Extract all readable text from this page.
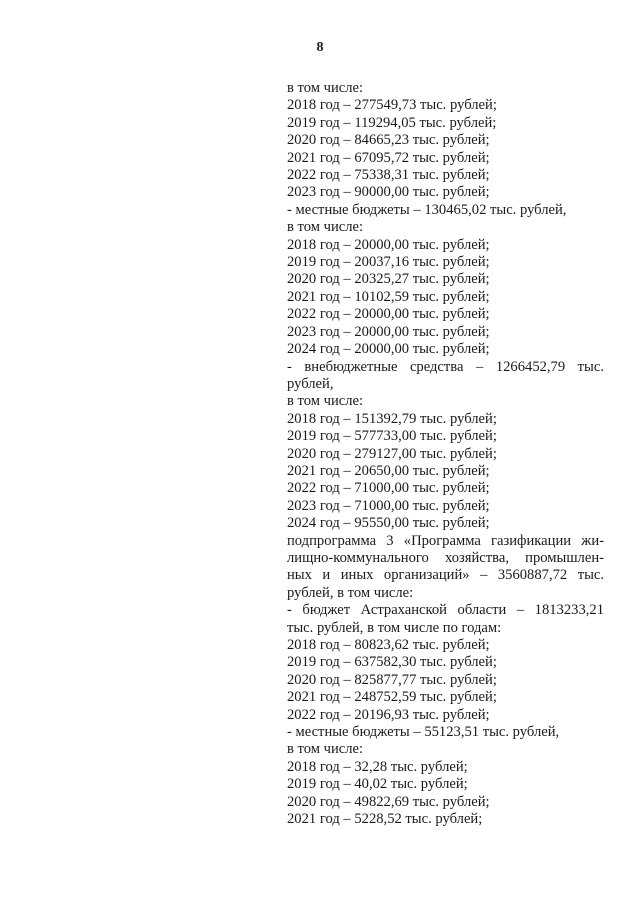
8
в том числе:
2018 год – 277549,73 тыс. рублей;
2019 год – 119294,05 тыс. рублей;
2020 год – 84665,23 тыс. рублей;
2021 год – 67095,72 тыс. рублей;
2022 год – 75338,31 тыс. рублей;
2023 год – 90000,00 тыс. рублей;
- местные бюджеты – 130465,02 тыс. рублей,
в том числе:
2018 год – 20000,00 тыс. рублей;
2019 год – 20037,16 тыс. рублей;
2020 год – 20325,27 тыс. рублей;
2021 год – 10102,59 тыс. рублей;
2022 год – 20000,00 тыс. рублей;
2023 год – 20000,00 тыс. рублей;
2024 год – 20000,00 тыс. рублей;
- внебюджетные средства – 1266452,79 тыс.
рублей,
в том числе:
2018 год – 151392,79 тыс. рублей;
2019 год – 577733,00 тыс. рублей;
2020 год – 279127,00 тыс. рублей;
2021 год – 20650,00 тыс. рублей;
2022 год – 71000,00 тыс. рублей;
2023 год – 71000,00 тыс. рублей;
2024 год – 95550,00 тыс. рублей;
подпрограмма 3 «Программа газификации жи-
лищно-коммунального хозяйства, промышлен-
ных и иных организаций» – 3560887,72 тыс.
рублей, в том числе:
- бюджет Астраханской области – 1813233,21
тыс. рублей, в том числе по годам:
2018 год – 80823,62 тыс. рублей;
2019 год – 637582,30 тыс. рублей;
2020 год – 825877,77 тыс. рублей;
2021 год – 248752,59 тыс. рублей;
2022 год – 20196,93 тыс. рублей;
- местные бюджеты – 55123,51 тыс. рублей,
в том числе:
2018 год – 32,28 тыс. рублей;
2019 год – 40,02 тыс. рублей;
2020 год – 49822,69 тыс. рублей;
2021 год – 5228,52 тыс. рублей;
